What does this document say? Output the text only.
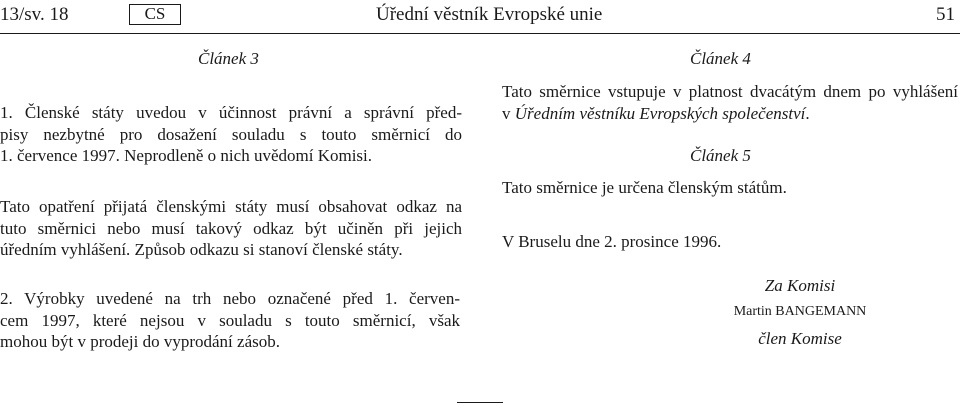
13/sv. 18	CS	Úřední věstník Evropské unie	51
Článek 3
1. Členské státy uvedou v účinnost právní a správní před-
pisy nezbytné pro dosažení souladu s touto směrnicí do
1. července 1997. Neprodleně o nich uvědomí Komisi.
Tato opatření přijatá členskými státy musí obsahovat odkaz na
tuto směrnici nebo musí takový odkaz být učiněn při jejich
úředním vyhlášení. Způsob odkazu si stanoví členské státy.
2. Výrobky uvedené na trh nebo označené před 1. červen-
cem 1997, které nejsou v souladu s touto směrnicí, však
mohou být v prodeji do vyprodání zásob.
Článek 4
Tato směrnice vstupuje v platnost dvacátým dnem po vyhlášení
v Úředním věstníku Evropských společenství.
Článek 5
Tato směrnice je určena členským státům.
V Bruselu dne 2. prosince 1996.
Za Komisi
Martin BANGEMANN
člen Komise
